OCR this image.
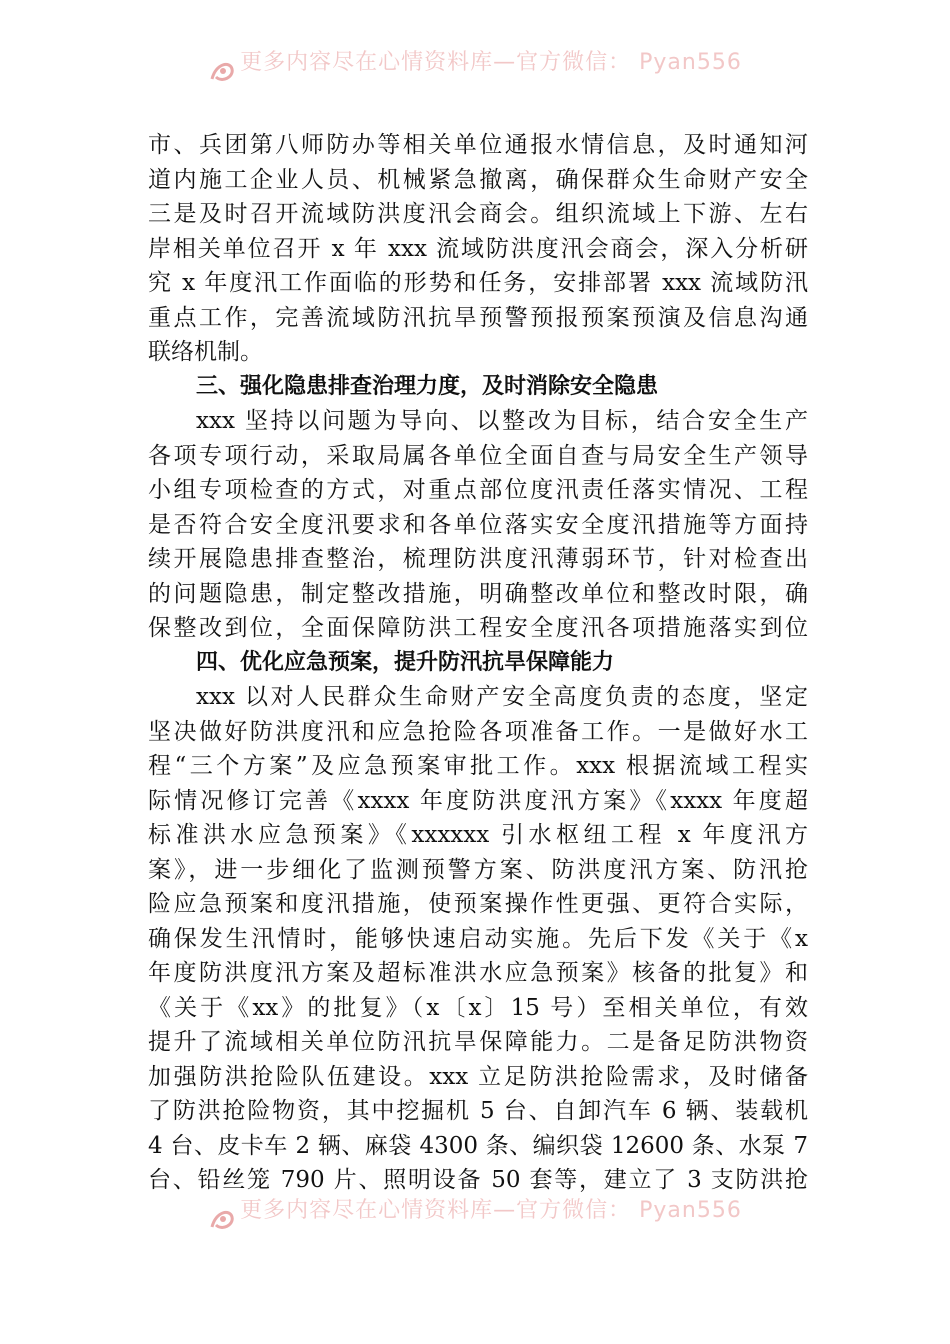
更多内容尽在心情资料库—官方微信： Pyan556
市、兵团第八师防办等相关单位通报水情信息，及时通知河
道内施工企业人员、机械紧急撤离，确保群众生命财产安全
三是及时召开流域防洪度汛会商会。组织流域上下游、左右
岸相关单位召开 x 年 xxx 流域防洪度汛会商会，深入分析研
究 x 年度汛工作面临的形势和任务，安排部署 xxx 流域防汛
重点工作，完善流域防汛抗旱预警预报预案预演及信息沟通
联络机制。
三、强化隐患排查治理力度，及时消除安全隐患
xxx 坚持以问题为导向、以整改为目标，结合安全生产
各项专项行动，采取局属各单位全面自查与局安全生产领导
小组专项检查的方式，对重点部位度汛责任落实情况、工程
是否符合安全度汛要求和各单位落实安全度汛措施等方面持
续开展隐患排查整治，梳理防洪度汛薄弱环节，针对检查出
的问题隐患，制定整改措施，明确整改单位和整改时限，确
保整改到位，全面保障防洪工程安全度汛各项措施落实到位
四、优化应急预案，提升防汛抗旱保障能力
xxx 以对人民群众生命财产安全高度负责的态度，坚定
坚决做好防洪度汛和应急抢险各项准备工作。一是做好水工
程“三个方案”及应急预案审批工作。xxx 根据流域工程实
际情况修订完善《xxxx 年度防洪度汛方案》《xxxx 年度超
标准洪水应急预案》《xxxxxx 引水枢纽工程 x 年度汛方
案》，进一步细化了监测预警方案、防洪度汛方案、防汛抢
险应急预案和度汛措施，使预案操作性更强、更符合实际，
确保发生汛情时，能够快速启动实施。先后下发《关于《x
年度防洪度汛方案及超标准洪水应急预案》核备的批复》和
《关于《xx》的批复》（x〔x〕15 号）至相关单位，有效
提升了流域相关单位防汛抗旱保障能力。二是备足防洪物资
加强防洪抢险队伍建设。xxx 立足防洪抢险需求，及时储备
了防洪抢险物资，其中挖掘机 5 台、自卸汽车 6 辆、装载机
4 台、皮卡车 2 辆、麻袋 4300 条、编织袋 12600 条、水泵 7
台、铅丝笼 790 片、照明设备 50 套等，建立了 3 支防洪抢
更多内容尽在心情资料库—官方微信： Pyan556
